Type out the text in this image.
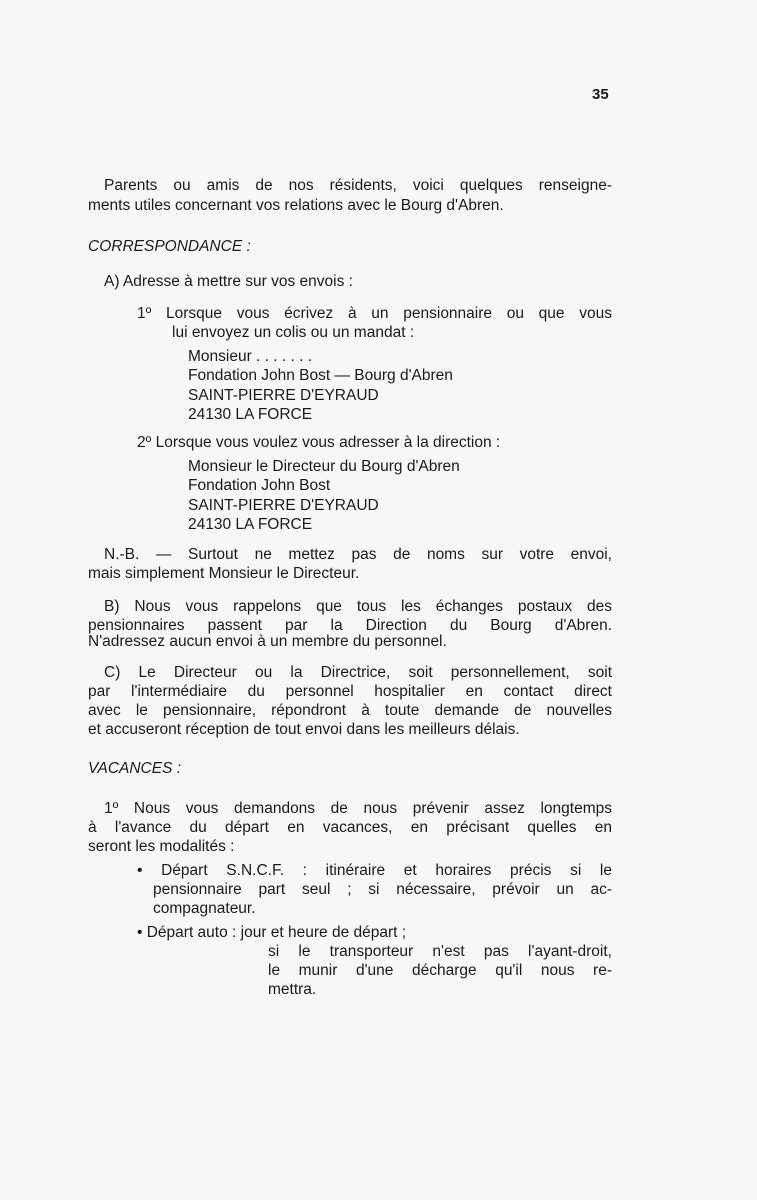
35
Parents ou amis de nos résidents, voici quelques renseigne-
ments utiles concernant vos relations avec le Bourg d'Abren.
CORRESPONDANCE :
A) Adresse à mettre sur vos envois :
1º Lorsque vous écrivez à un pensionnaire ou que vous
lui envoyez un colis ou un mandat :
Monsieur . . . . . . .
Fondation John Bost — Bourg d'Abren
SAINT-PIERRE D'EYRAUD
24130 LA FORCE
2º Lorsque vous voulez vous adresser à la direction :
Monsieur le Directeur du Bourg d'Abren
Fondation John Bost
SAINT-PIERRE D'EYRAUD
24130 LA FORCE
N.-B. — Surtout ne mettez pas de noms sur votre envoi,
mais simplement Monsieur le Directeur.
B) Nous vous rappelons que tous les échanges postaux des
pensionnaires passent par la Direction du Bourg d'Abren.
N'adressez aucun envoi à un membre du personnel.
C) Le Directeur ou la Directrice, soit personnellement, soit
par l'intermédiaire du personnel hospitalier en contact direct
avec le pensionnaire, répondront à toute demande de nouvelles
et accuseront réception de tout envoi dans les meilleurs délais.
VACANCES :
1º Nous vous demandons de nous prévenir assez longtemps
à l'avance du départ en vacances, en précisant quelles en
seront les modalités :
• Départ S.N.C.F. : itinéraire et horaires précis si le
pensionnaire part seul ; si nécessaire, prévoir un ac-
compagnateur.
• Départ auto : jour et heure de départ ;
si le transporteur n'est pas l'ayant-droit,
le munir d'une décharge qu'il nous re-
mettra.
